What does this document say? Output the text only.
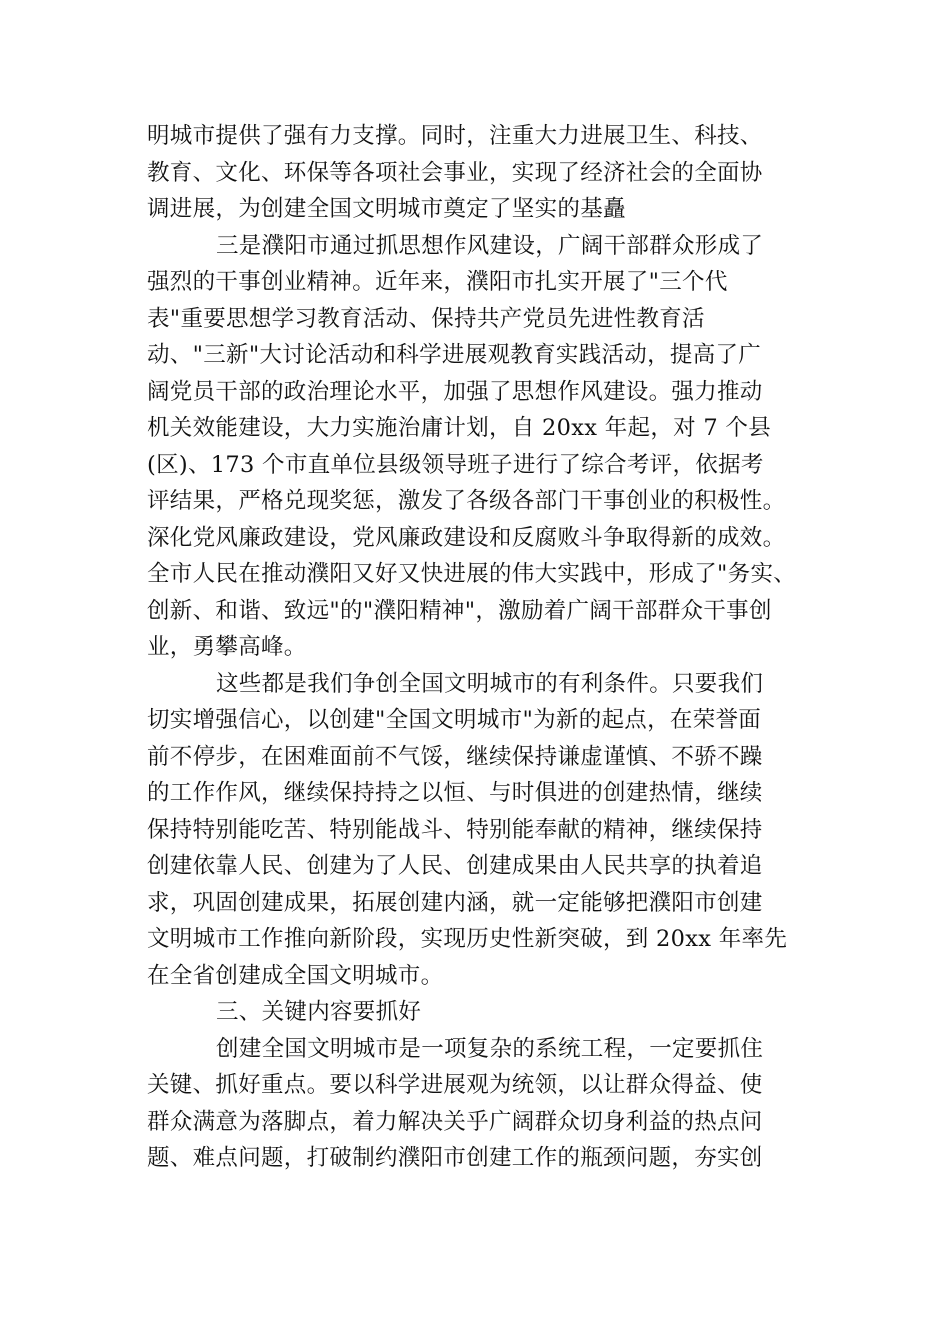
明城市提供了强有力支撑。同时，注重大力进展卫生、科技、
教育、文化、环保等各项社会事业，实现了经济社会的全面协
调进展，为创建全国文明城市奠定了坚实的基矗
三是濮阳市通过抓思想作风建设，广阔干部群众形成了
强烈的干事创业精神。近年来，濮阳市扎实开展了"三个代
表"重要思想学习教育活动、保持共产党员先进性教育活
动、"三新"大讨论活动和科学进展观教育实践活动，提高了广
阔党员干部的政治理论水平，加强了思想作风建设。强力推动
机关效能建设，大力实施治庸计划，自 20xx 年起，对 7 个县
(区)、173 个市直单位县级领导班子进行了综合考评，依据考
评结果，严格兑现奖惩，激发了各级各部门干事创业的积极性。
深化党风廉政建设，党风廉政建设和反腐败斗争取得新的成效。
全市人民在推动濮阳又好又快进展的伟大实践中，形成了"务实、
创新、和谐、致远"的"濮阳精神"，激励着广阔干部群众干事创
业，勇攀高峰。
这些都是我们争创全国文明城市的有利条件。只要我们
切实增强信心，以创建"全国文明城市"为新的起点，在荣誉面
前不停步，在困难面前不气馁，继续保持谦虚谨慎、不骄不躁
的工作作风，继续保持持之以恒、与时俱进的创建热情，继续
保持特别能吃苦、特别能战斗、特别能奉献的精神，继续保持
创建依靠人民、创建为了人民、创建成果由人民共享的执着追
求，巩固创建成果，拓展创建内涵，就一定能够把濮阳市创建
文明城市工作推向新阶段，实现历史性新突破，到 20xx 年率先
在全省创建成全国文明城市。
三、关键内容要抓好
创建全国文明城市是一项复杂的系统工程，一定要抓住
关键、抓好重点。要以科学进展观为统领，以让群众得益、使
群众满意为落脚点，着力解决关乎广阔群众切身利益的热点问
题、难点问题，打破制约濮阳市创建工作的瓶颈问题，夯实创
